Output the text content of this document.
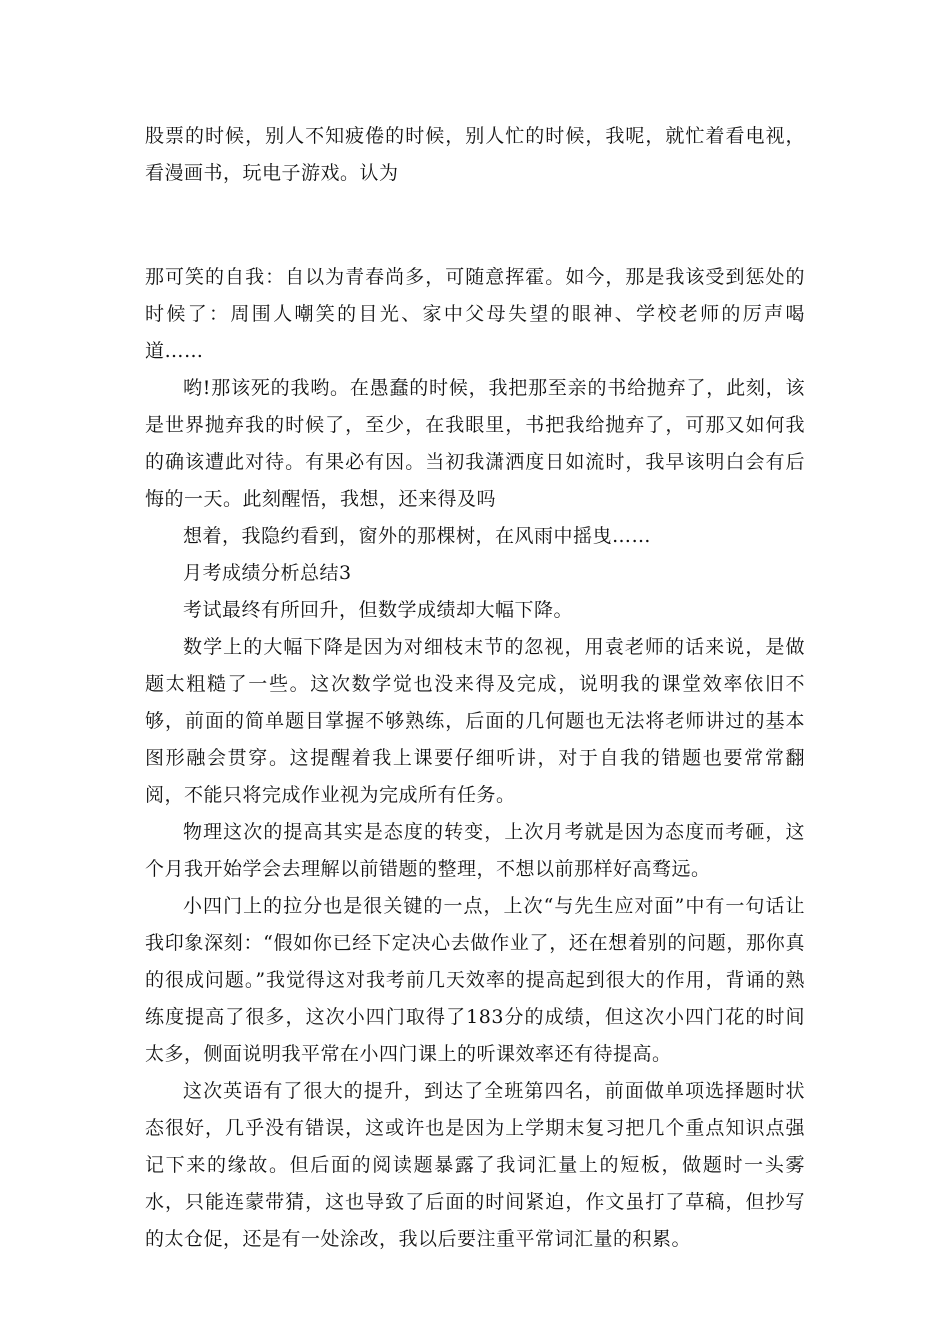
股票的时候，别人不知疲倦的时候，别人忙的时候，我呢，就忙着看电视，看漫画书，玩电子游戏。认为

那可笑的自我：自以为青春尚多，可随意挥霍。如今，那是我该受到惩处的时候了：周围人嘲笑的目光、家中父母失望的眼神、学校老师的厉声喝道……

哟!那该死的我哟。在愚蠢的时候，我把那至亲的书给抛弃了，此刻，该是世界抛弃我的时候了，至少，在我眼里，书把我给抛弃了，可那又如何我的确该遭此对待。有果必有因。当初我潇洒度日如流时，我早该明白会有后悔的一天。此刻醒悟，我想，还来得及吗

想着，我隐约看到，窗外的那棵树，在风雨中摇曳……

月考成绩分析总结3

考试最终有所回升，但数学成绩却大幅下降。

数学上的大幅下降是因为对细枝末节的忽视，用袁老师的话来说，是做题太粗糙了一些。这次数学觉也没来得及完成，说明我的课堂效率依旧不够，前面的简单题目掌握不够熟练，后面的几何题也无法将老师讲过的基本图形融会贯穿。这提醒着我上课要仔细听讲，对于自我的错题也要常常翻阅，不能只将完成作业视为完成所有任务。

物理这次的提高其实是态度的转变，上次月考就是因为态度而考砸，这个月我开始学会去理解以前错题的整理，不想以前那样好高骛远。

小四门上的拉分也是很关键的一点，上次“与先生应对面”中有一句话让我印象深刻：“假如你已经下定决心去做作业了，还在想着别的问题，那你真的很成问题。”我觉得这对我考前几天效率的提高起到很大的作用，背诵的熟练度提高了很多，这次小四门取得了183分的成绩，但这次小四门花的时间太多，侧面说明我平常在小四门课上的听课效率还有待提高。

这次英语有了很大的提升，到达了全班第四名，前面做单项选择题时状态很好，几乎没有错误，这或许也是因为上学期末复习把几个重点知识点强记下来的缘故。但后面的阅读题暴露了我词汇量上的短板，做题时一头雾水，只能连蒙带猜，这也导致了后面的时间紧迫，作文虽打了草稿，但抄写的太仓促，还是有一处涂改，我以后要注重平常词汇量的积累。
